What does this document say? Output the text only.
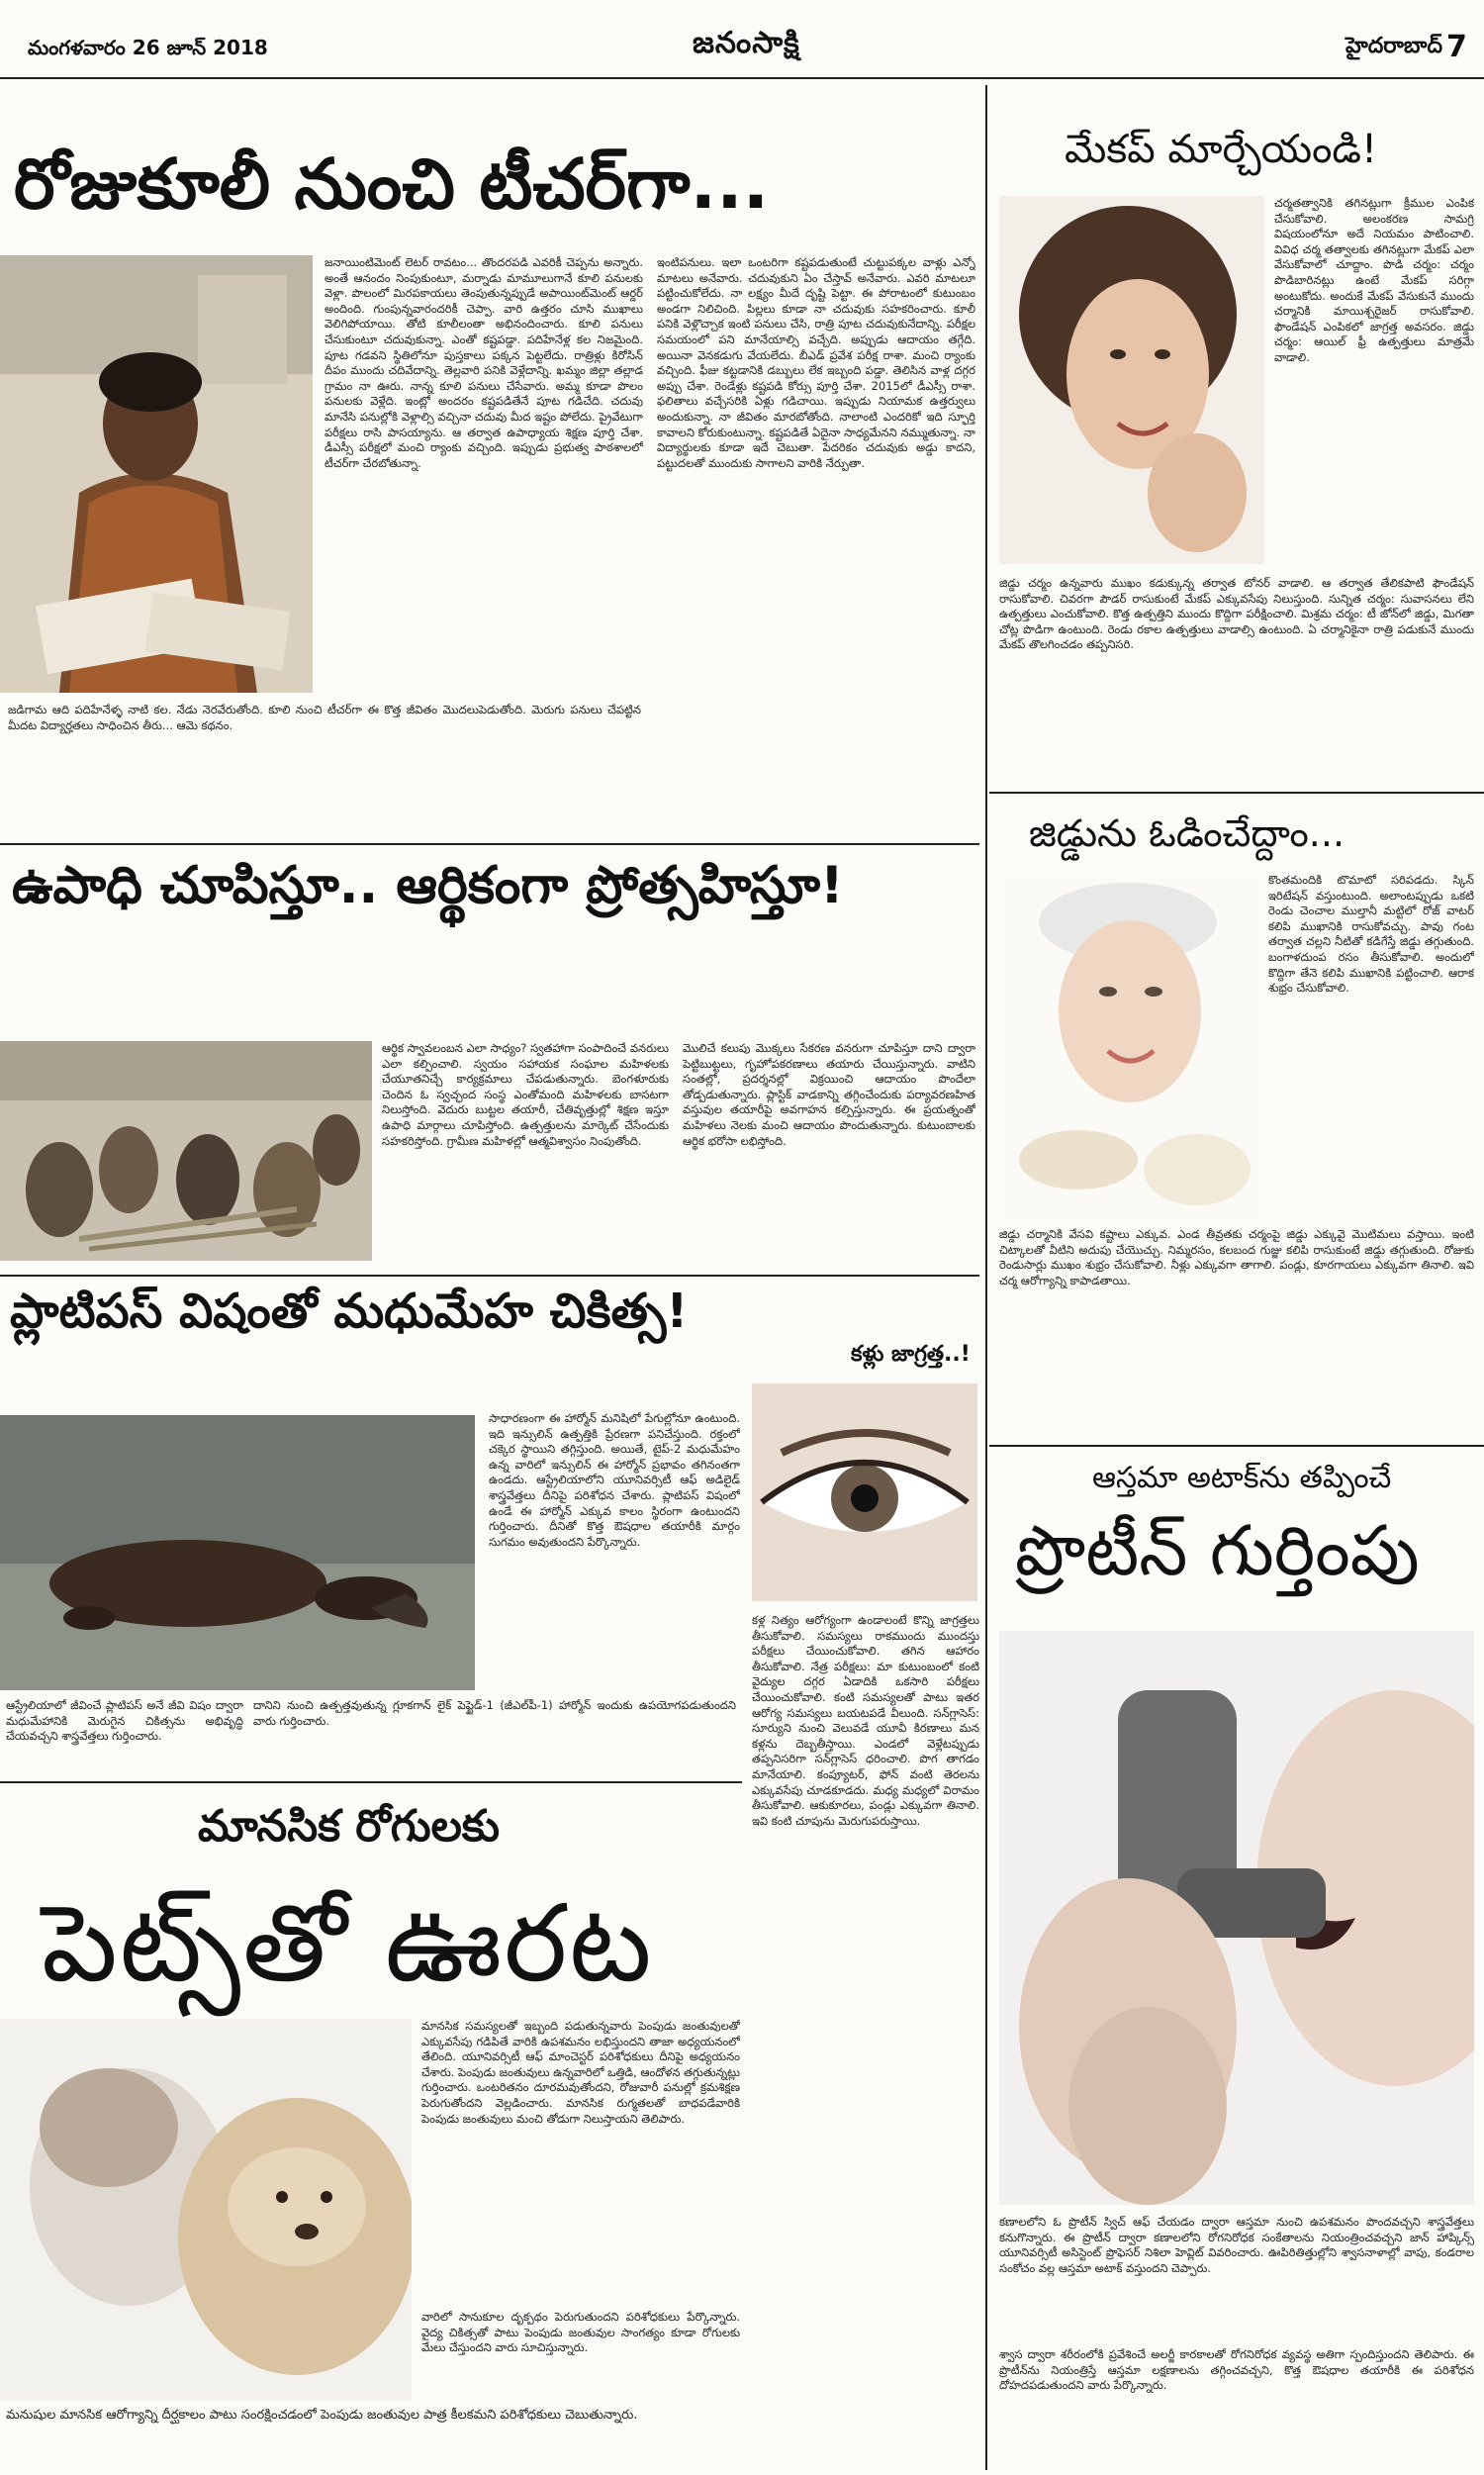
మంగళవారం 26 జూన్ 2018	జనంసాక్షి	హైదరాబాద్ 7
రోజుకూలీ నుంచి టీచర్‌గా...
జనాయింటిమెంట్ లెటర్ రావటం... తొందరపడి ఎవరికీ చెప్పను అన్నారు. అంతే ఆనందం నింపుకుంటూ, మర్నాడు మామూలుగానే కూలి పనులకు వెళ్లా. పొలంలో మిరపకాయలు తెంపుతున్నప్పుడే అపాయింట్‌మెంట్ ఆర్డర్ అందింది. గుంపున్నవారందరికీ చెప్పా. వారి ఉత్తరం చూసి ముఖాలు వెలిగిపోయాయి. తోటి కూలీలంతా అభినందించారు. కూలి పనులు చేసుకుంటూ చదువుకున్నా. ఎంతో కష్టపడ్డా. పదిహేనేళ్ల కల నిజమైంది. పూట గడవని స్థితిలోనూ పుస్తకాలు పక్కన పెట్టలేదు. రాత్రిళ్లు కిరోసిన్ దీపం ముందు చదివేదాన్ని. తెల్లవారి పనికి వెళ్లేదాన్ని. ఖమ్మం జిల్లా తల్లాడ గ్రామం నా ఊరు. నాన్న కూలి పనులు చేసేవారు. అమ్మ కూడా పొలం పనులకు వెళ్లేది. ఇంట్లో అందరం కష్టపడితేనే పూట గడిచేది. చదువు మానేసి పనుల్లోకి వెళ్లాల్సి వచ్చినా చదువు మీద ఇష్టం పోలేదు. ప్రైవేటుగా పరీక్షలు రాసి పాసయ్యాను. ఆ తర్వాత ఉపాధ్యాయ శిక్షణ పూర్తి చేశా. డీఎస్సీ పరీక్షలో మంచి ర్యాంకు వచ్చింది. ఇప్పుడు ప్రభుత్వ పాఠశాలలో టీచర్‌గా చేరబోతున్నా.
ఇంటిపనులు. ఇలా ఒంటరిగా కష్టపడుతుంటే చుట్టుపక్కల వాళ్లు ఎన్నో మాటలు అనేవారు. చదువుకుని ఏం చేస్తావ్ అనేవారు. ఎవరి మాటలూ పట్టించుకోలేదు. నా లక్ష్యం మీదే దృష్టి పెట్టా. ఈ పోరాటంలో కుటుంబం అండగా నిలిచింది. పిల్లలు కూడా నా చదువుకు సహకరించారు. కూలీ పనికి వెళ్లొచ్చాక ఇంటి పనులు చేసి, రాత్రి పూట చదువుకునేదాన్ని. పరీక్షల సమయంలో పని మానేయాల్సి వచ్చేది. అప్పుడు ఆదాయం తగ్గేది. అయినా వెనకడుగు వేయలేదు. బీఎడ్ ప్రవేశ పరీక్ష రాశా. మంచి ర్యాంకు వచ్చింది. ఫీజు కట్టడానికి డబ్బులు లేక ఇబ్బంది పడ్డా. తెలిసిన వాళ్ల దగ్గర అప్పు చేశా. రెండేళ్లు కష్టపడి కోర్సు పూర్తి చేశా. 2015లో డీఎస్సీ రాశా. ఫలితాలు వచ్చేసరికి ఏళ్లు గడిచాయి. ఇప్పుడు నియామక ఉత్తర్వులు అందుకున్నా. నా జీవితం మారబోతోంది. నాలాంటి ఎందరికో ఇది స్ఫూర్తి కావాలని కోరుకుంటున్నా. కష్టపడితే ఏదైనా సాధ్యమేనని నమ్ముతున్నా. నా విద్యార్థులకు కూడా ఇదే చెబుతా. పేదరికం చదువుకు అడ్డు కాదని, పట్టుదలతో ముందుకు సాగాలని వారికి నేర్పుతా.
జడిగామ ఆది పదిహేనేళ్ళ నాటి కల. నేడు నెరవేరుతోంది. కూలి నుంచి టీచర్‌గా ఈ కొత్త జీవితం మొదలుపెడుతోంది. మెరుగు పనులు చేపట్టిన మీదట విద్యార్హతలు సాధించిన తీరు... ఆమె కథనం.
ఉపాధి చూపిస్తూ.. ఆర్థికంగా ప్రోత్సహిస్తూ!
ఆర్థిక స్వావలంబన ఎలా సాధ్యం? స్వతహాగా సంపాదించే వనరులు ఎలా కల్పించాలి. స్వయం సహాయక సంఘాల మహిళలకు చేయూతనిచ్చే కార్యక్రమాలు చేపడుతున్నారు. బెంగళూరుకు చెందిన ఓ స్వచ్ఛంద సంస్థ ఎంతోమంది మహిళలకు బాసటగా నిలుస్తోంది. వెదురు బుట్టల తయారీ, చేతివృత్తుల్లో శిక్షణ ఇస్తూ ఉపాధి మార్గాలు చూపిస్తోంది. ఉత్పత్తులను మార్కెట్ చేసేందుకు సహకరిస్తోంది. గ్రామీణ మహిళల్లో ఆత్మవిశ్వాసం నింపుతోంది.
మొలిచే కలుపు మొక్కలు సేకరణ వనరుగా చూపిస్తూ దాని ద్వారా పెట్టిబుట్టలు, గృహోపకరణాలు తయారు చేయిస్తున్నారు. వాటిని సంతల్లో, ప్రదర్శనల్లో విక్రయించి ఆదాయం పొందేలా తోడ్పడుతున్నారు. ప్లాస్టిక్ వాడకాన్ని తగ్గించేందుకు పర్యావరణహిత వస్తువుల తయారీపై అవగాహన కల్పిస్తున్నారు. ఈ ప్రయత్నంతో మహిళలు నెలకు మంచి ఆదాయం పొందుతున్నారు. కుటుంబాలకు ఆర్థిక భరోసా లభిస్తోంది.
ప్లాటిపస్ విషంతో మధుమేహ చికిత్స!
సాధారణంగా ఈ హార్మోన్ మనిషిలో పేగుల్లోనూ ఉంటుంది. ఇది ఇన్సులిన్ ఉత్పత్తికి ప్రేరణగా పనిచేస్తుంది. రక్తంలో చక్కెర స్థాయిని తగ్గిస్తుంది. అయితే, టైప్-2 మధుమేహం ఉన్న వారిలో ఇన్సులిన్ ఈ హార్మోన్ ప్రభావం తగినంతగా ఉండదు. ఆస్ట్రేలియాలోని యూనివర్సిటీ ఆఫ్ అడిలైడ్ శాస్త్రవేత్తలు దీనిపై పరిశోధన చేశారు. ప్లాటిపస్ విషంలో ఉండే ఈ హార్మోన్ ఎక్కువ కాలం స్థిరంగా ఉంటుందని గుర్తించారు. దీనితో కొత్త ఔషధాల తయారీకి మార్గం సుగమం అవుతుందని పేర్కొన్నారు.
ఆస్ట్రేలియాలో జీవించే ప్లాటిపస్ అనే జీవి విషం ద్వారా మధుమేహానికి మెరుగైన చికిత్సను అభివృద్ధి చేయవచ్చని శాస్త్రవేత్తలు గుర్తించారు.
దానిని నుంచి ఉత్పత్తవుతున్న గ్లూకగాన్ లైక్ పెప్టైడ్-1 (జీఎల్‌పీ-1) హార్మోన్ ఇందుకు ఉపయోగపడుతుందని వారు గుర్తించారు.
కళ్లు జాగ్రత్త..!
కళ్ల నిత్యం ఆరోగ్యంగా ఉండాలంటే కొన్ని జాగ్రత్తలు తీసుకోవాలి. సమస్యలు రాకముందు ముందస్తు పరీక్షలు చేయించుకోవాలి. తగిన ఆహారం తీసుకోవాలి. నేత్ర పరీక్షలు: మా కుటుంబంలో కంటి వైద్యుల దగ్గర ఏడాదికి ఒకసారి పరీక్షలు చేయించుకోవాలి. కంటి సమస్యలతో పాటు ఇతర ఆరోగ్య సమస్యలు బయటపడే వీలుంది. సన్‌గ్లాసెస్: సూర్యుని నుంచి వెలువడే యూవీ కిరణాలు మన కళ్లను దెబ్బతీస్తాయి. ఎండలో వెళ్లేటప్పుడు తప్పనిసరిగా సన్‌గ్లాసెస్ ధరించాలి. పొగ తాగడం మానేయాలి. కంప్యూటర్, ఫోన్ వంటి తెరలను ఎక్కువసేపు చూడకూడదు. మధ్య మధ్యలో విరామం తీసుకోవాలి. ఆకుకూరలు, పండ్లు ఎక్కువగా తినాలి. ఇవి కంటి చూపును మెరుగుపరుస్తాయి.
మానసిక రోగులకు
పెట్స్‌తో ఊరట
మానసిక సమస్యలతో ఇబ్బంది పడుతున్నవారు పెంపుడు జంతువులతో ఎక్కువసేపు గడిపితే వారికి ఉపశమనం లభిస్తుందని తాజా అధ్యయనంలో తేలింది. యూనివర్సిటీ ఆఫ్ మాంచెస్టర్ పరిశోధకులు దీనిపై అధ్యయనం చేశారు. పెంపుడు జంతువులు ఉన్నవారిలో ఒత్తిడి, ఆందోళన తగ్గుతున్నట్లు గుర్తించారు. ఒంటరితనం దూరమవుతోందని, రోజువారీ పనుల్లో క్రమశిక్షణ పెరుగుతోందని వెల్లడించారు. మానసిక రుగ్మతలతో బాధపడేవారికి పెంపుడు జంతువులు మంచి తోడుగా నిలుస్తాయని తెలిపారు.
వారిలో సానుకూల దృక్పథం పెరుగుతుందని పరిశోధకులు పేర్కొన్నారు. వైద్య చికిత్సతో పాటు పెంపుడు జంతువుల సాంగత్యం కూడా రోగులకు మేలు చేస్తుందని వారు సూచిస్తున్నారు.
మనుషుల మానసిక ఆరోగ్యాన్ని దీర్ఘకాలం పాటు సంరక్షించడంలో పెంపుడు జంతువుల పాత్ర కీలకమని పరిశోధకులు చెబుతున్నారు.
మేకప్ మార్చేయండి!
చర్మతత్వానికి తగినట్లుగా క్రీముల ఎంపిక చేసుకోవాలి. అలంకరణ సామగ్రి విషయంలోనూ అదే నియమం పాటించాలి. వివిధ చర్మ తత్వాలకు తగినట్లుగా మేకప్ ఎలా వేసుకోవాలో చూద్దాం. పొడి చర్మం: చర్మం పొడిబారినట్లు ఉంటే మేకప్ సరిగ్గా అంటుకోదు. అందుకే మేకప్ వేసుకునే ముందు చర్మానికి మాయిశ్చరైజర్ రాసుకోవాలి. ఫౌండేషన్ ఎంపికలో జాగ్రత్త అవసరం. జిడ్డు చర్మం: ఆయిల్ ఫ్రీ ఉత్పత్తులు మాత్రమే వాడాలి.
జిడ్డు చర్మం ఉన్నవారు ముఖం కడుక్కున్న తర్వాత టోనర్ వాడాలి. ఆ తర్వాత తేలికపాటి ఫౌండేషన్ రాసుకోవాలి. చివరగా పౌడర్ రాసుకుంటే మేకప్ ఎక్కువసేపు నిలుస్తుంది. సున్నిత చర్మం: సువాసనలు లేని ఉత్పత్తులు ఎంచుకోవాలి. కొత్త ఉత్పత్తిని ముందు కొద్దిగా పరీక్షించాలి. మిశ్రమ చర్మం: టీ జోన్‌లో జిడ్డు, మిగతా చోట్ల పొడిగా ఉంటుంది. రెండు రకాల ఉత్పత్తులు వాడాల్సి ఉంటుంది. ఏ చర్మానికైనా రాత్రి పడుకునే ముందు మేకప్ తొలగించడం తప్పనిసరి.
జిడ్డును ఓడించేద్దాం...
కొంతమందికి టొమాటో సరిపడదు. స్కిన్ ఇరిటేషన్ వస్తుంటుంది. అలాంటప్పుడు ఒకటి రెండు చెంచాల ముల్తానీ మట్టిలో రోజ్ వాటర్ కలిపి ముఖానికి రాసుకోవచ్చు. పావు గంట తర్వాత చల్లని నీటితో కడిగేస్తే జిడ్డు తగ్గుతుంది. బంగాళదుంప రసం తీసుకోవాలి. అందులో కొద్దిగా తేనె కలిపి ముఖానికి పట్టించాలి. ఆరాక శుభ్రం చేసుకోవాలి.
జిడ్డు చర్మానికి వేసవి కష్టాలు ఎక్కువ. ఎండ తీవ్రతకు చర్మంపై జిడ్డు ఎక్కువై మొటిమలు వస్తాయి. ఇంటి చిట్కాలతో వీటిని అదుపు చేయొచ్చు. నిమ్మరసం, కలబంద గుజ్జు కలిపి రాసుకుంటే జిడ్డు తగ్గుతుంది. రోజుకు రెండుసార్లు ముఖం శుభ్రం చేసుకోవాలి. నీళ్లు ఎక్కువగా తాగాలి. పండ్లు, కూరగాయలు ఎక్కువగా తినాలి. ఇవి చర్మ ఆరోగ్యాన్ని కాపాడతాయి.
ఆస్తమా అటాక్‌ను తప్పించే
ప్రొటీన్ గుర్తింపు
కణాలలోని ఓ ప్రొటీన్ స్విచ్ ఆఫ్ చేయడం ద్వారా ఆస్తమా నుంచి ఉపశమనం పొందవచ్చని శాస్త్రవేత్తలు కనుగొన్నారు. ఈ ప్రొటీన్ ద్వారా కణాలలోని రోగనిరోధక సంకేతాలను నియంత్రించవచ్చని జాన్ హాప్కిన్స్ యూనివర్సిటీ అసిస్టెంట్ ప్రొఫెసర్ నిశిలా హెవ్లిట్ వివరించారు. ఊపిరితిత్తుల్లోని శ్వాసనాళాల్లో వాపు, కండరాల సంకోచం వల్ల ఆస్తమా అటాక్ వస్తుందని చెప్పారు.
శ్వాస ద్వారా శరీరంలోకి ప్రవేశించే అలర్జీ కారకాలతో రోగనిరోధక వ్యవస్థ అతిగా స్పందిస్తుందని తెలిపారు. ఈ ప్రొటీన్‌ను నియంత్రిస్తే ఆస్తమా లక్షణాలను తగ్గించవచ్చని, కొత్త ఔషధాల తయారీకి ఈ పరిశోధన దోహదపడుతుందని వారు పేర్కొన్నారు.
